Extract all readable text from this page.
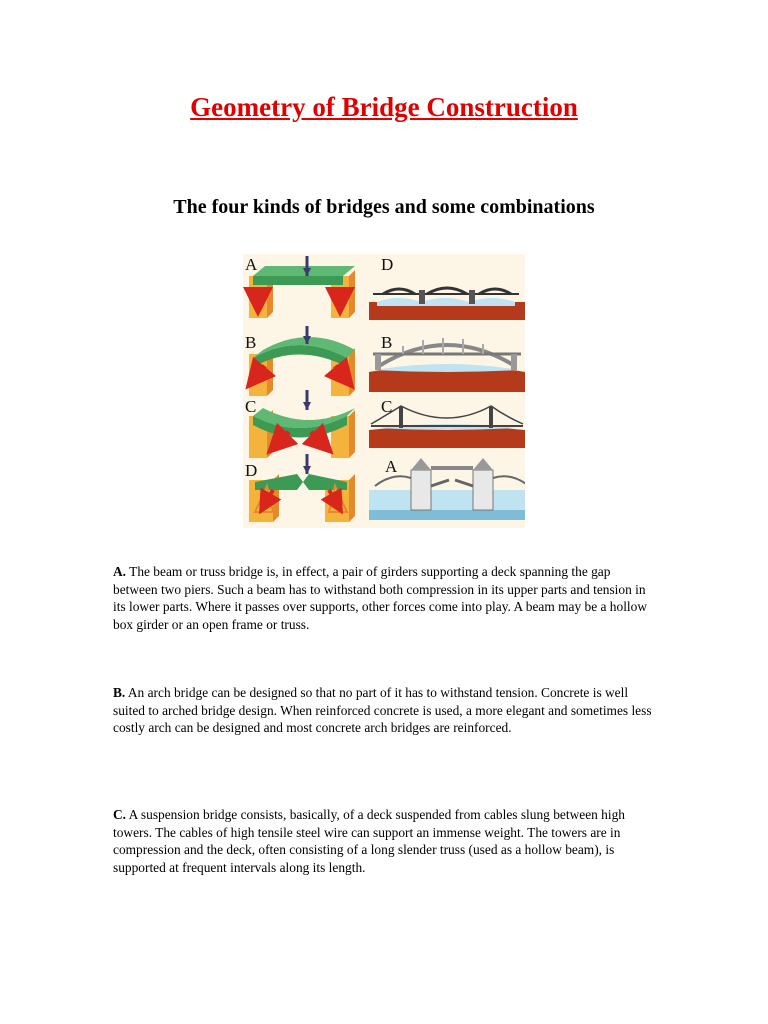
Geometry of Bridge Construction
The four kinds of bridges and some combinations
A
B
C
D
D
B
C
A

A. The beam or truss bridge is, in effect, a pair of girders supporting a deck spanning the gap between two piers. Such a beam has to withstand both compression in its upper parts and tension in its lower parts. Where it passes over supports, other forces come into play. A beam may be a hollow box girder or an open frame or truss.

B. An arch bridge can be designed so that no part of it has to withstand tension. Concrete is well suited to arched bridge design. When reinforced concrete is used, a more elegant and sometimes less costly arch can be designed and most concrete arch bridges are reinforced.

C. A suspension bridge consists, basically, of a deck suspended from cables slung between high towers. The cables of high tensile steel wire can support an immense weight. The towers are in compression and the deck, often consisting of a long slender truss (used as a hollow beam), is supported at frequent intervals along its length.
